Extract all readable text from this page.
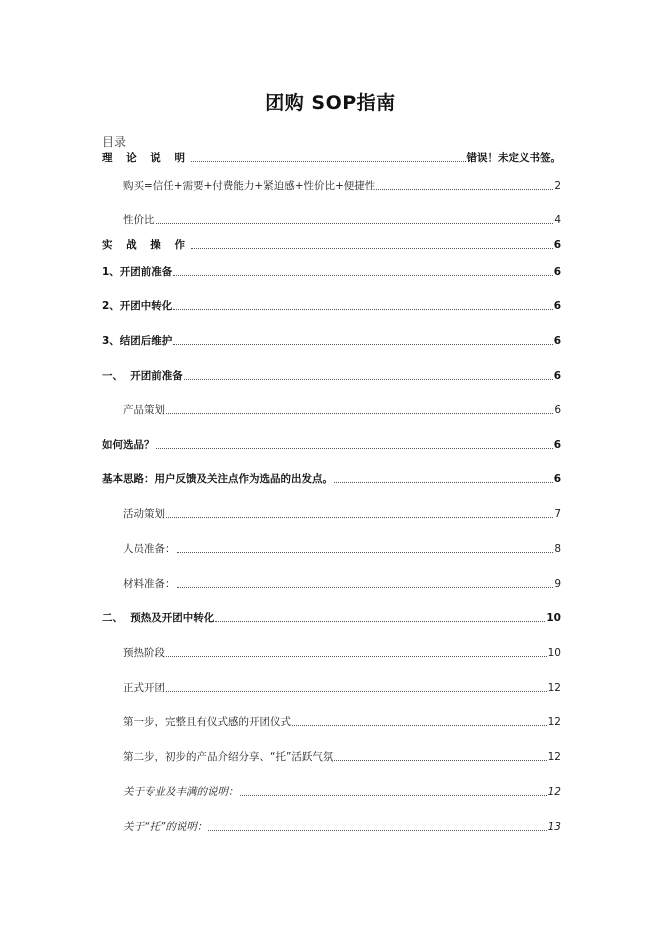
团购 SOP指南
目录
理 论 说 明	错误！未定义书签。
购买=信任+需要+付费能力+紧迫感+性价比+便捷性	2
性价比	4
实 战 操 作	6
1、开团前准备	6
2、开团中转化	6
3、结团后维护	6
一、  开团前准备	6
产品策划	6
如何选品？	6
基本思路：用户反馈及关注点作为选品的出发点。	6
活动策划	7
人员准备：	8
材料准备：	9
二、  预热及开团中转化	10
预热阶段	10
正式开团	12
第一步，完整且有仪式感的开团仪式	12
第二步，初步的产品介绍分享、“托”活跃气氛	12
关于专业及丰满的说明：	12
关于“托”的说明：	13
